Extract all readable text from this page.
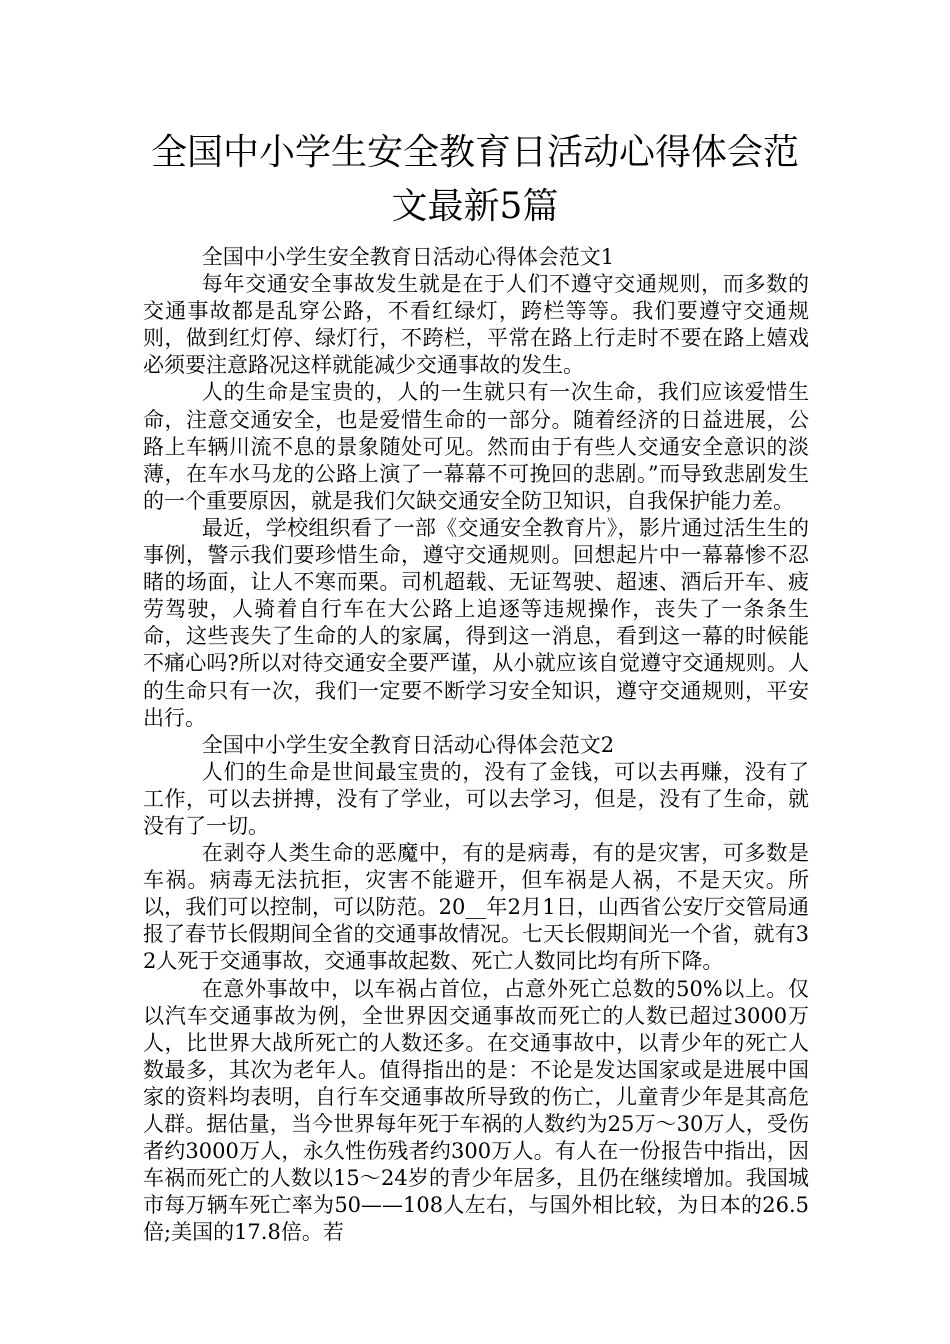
全国中小学生安全教育日活动心得体会范
文最新5篇

全国中小学生安全教育日活动心得体会范文1

每年交通安全事故发生就是在于人们不遵守交通规则，而多数的交通事故都是乱穿公路，不看红绿灯，跨栏等等。我们要遵守交通规则，做到红灯停、绿灯行，不跨栏，平常在路上行走时不要在路上嬉戏必须要注意路况这样就能减少交通事故的发生。

人的生命是宝贵的，人的一生就只有一次生命，我们应该爱惜生命，注意交通安全，也是爱惜生命的一部分。随着经济的日益进展，公路上车辆川流不息的景象随处可见。然而由于有些人交通安全意识的淡薄，在车水马龙的公路上演了一幕幕不可挽回的悲剧。”而导致悲剧发生的一个重要原因，就是我们欠缺交通安全防卫知识，自我保护能力差。

最近，学校组织看了一部《交通安全教育片》，影片通过活生生的事例，警示我们要珍惜生命，遵守交通规则。回想起片中一幕幕惨不忍睹的场面，让人不寒而栗。司机超载、无证驾驶、超速、酒后开车、疲劳驾驶，人骑着自行车在大公路上追逐等违规操作，丧失了一条条生命，这些丧失了生命的人的家属，得到这一消息，看到这一幕的时候能不痛心吗?所以对待交通安全要严谨，从小就应该自觉遵守交通规则。人的生命只有一次，我们一定要不断学习安全知识，遵守交通规则，平安出行。

全国中小学生安全教育日活动心得体会范文2

人们的生命是世间最宝贵的，没有了金钱，可以去再赚，没有了工作，可以去拼搏，没有了学业，可以去学习，但是，没有了生命，就没有了一切。

在剥夺人类生命的恶魔中，有的是病毒，有的是灾害，可多数是车祸。病毒无法抗拒，灾害不能避开，但车祸是人祸，不是天灾。所以，我们可以控制，可以防范。20__年2月1日，山西省公安厅交管局通报了春节长假期间全省的交通事故情况。七天长假期间光一个省，就有32人死于交通事故，交通事故起数、死亡人数同比均有所下降。

在意外事故中，以车祸占首位，占意外死亡总数的50%以上。仅以汽车交通事故为例，全世界因交通事故而死亡的人数已超过3000万人，比世界大战所死亡的人数还多。在交通事故中，以青少年的死亡人数最多，其次为老年人。值得指出的是：不论是发达国家或是进展中国家的资料均表明，自行车交通事故所导致的伤亡，儿童青少年是其高危人群。据估量，当今世界每年死于车祸的人数约为25万～30万人，受伤者约3000万人，永久性伤残者约300万人。有人在一份报告中指出，因车祸而死亡的人数以15～24岁的青少年居多，且仍在继续增加。我国城市每万辆车死亡率为50——108人左右，与国外相比较，为日本的26.5倍;美国的17.8倍。若
